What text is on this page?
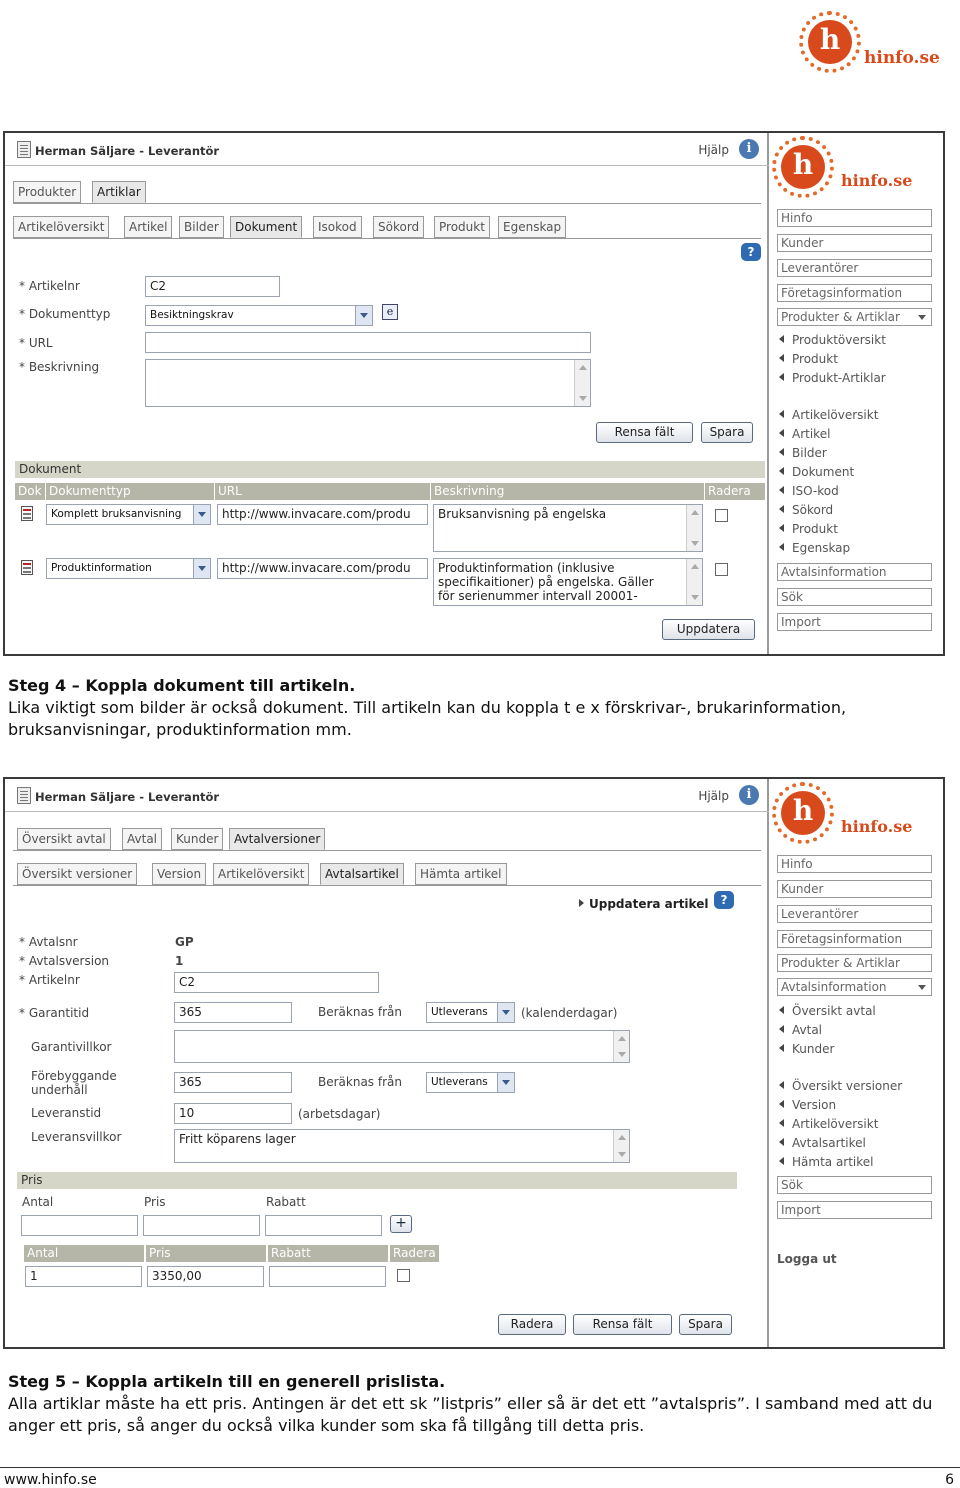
h
hinfo.se
Herman Säljare - Leverantör	Hjälp	i
Produkter	Artiklar
Artikelöversikt	Artikel	Bilder	Dokument	Isokod	Sökord	Produkt	Egenskap
?
* Artikelnr	C2
* Dokumenttyp	Besiktningskrav	e
* URL
* Beskrivning
Rensa fält	Spara
Dokument
Dok Dokumenttyp	URL	Beskrivning	Radera
Komplett bruksanvisning	http://www.invacare.com/produ	Bruksanvisning på engelska
Produktinformation	http://www.invacare.com/produ	Produktinformation (inklusive
specifikaitioner) på engelska. Gäller
för serienummer intervall 20001-
Uppdatera
h	hinfo.se
Hinfo
Kunder
Leverantörer
Företagsinformation
Produkter & Artiklar
Produktöversikt
Produkt
Produkt-Artiklar
Artikelöversikt
Artikel
Bilder
Dokument
ISO-kod
Sökord
Produkt
Egenskap
Avtalsinformation
Sök
Import
Steg 4 – Koppla dokument till artikeln.
Lika viktigt som bilder är också dokument. Till artikeln kan du koppla t e x förskrivar-, brukarinformation,
bruksanvisningar, produktinformation mm.
Herman Säljare - Leverantör	Hjälp	i
Översikt avtal	Avtal	Kunder	Avtalversioner
Översikt versioner	Version	Artikelöversikt	Avtalsartikel	Hämta artikel
Uppdatera artikel	?
* Avtalsnr	GP
* Avtalsversion	1
* Artikelnr	C2
* Garantitid	365	Beräknas från	Utleverans	(kalenderdagar)
Garantivillkor
Förebyggande
underhåll
365	Beräknas från	Utleverans
Leveranstid	10	(arbetsdagar)
Leveransvillkor	Fritt köparens lager
Pris
Antal	Pris	Rabatt
+
Antal	Pris	Rabatt	Radera
1	3350,00
Radera	Rensa fält	Spara
h	hinfo.se
Hinfo
Kunder
Leverantörer
Företagsinformation
Produkter & Artiklar
Avtalsinformation
Översikt avtal
Avtal
Kunder
Översikt versioner
Version
Artikelöversikt
Avtalsartikel
Hämta artikel
Sök
Import
Logga ut
Steg 5 – Koppla artikeln till en generell prislista.
Alla artiklar måste ha ett pris. Antingen är det ett sk ”listpris” eller så är det ett ”avtalspris”. I samband med att du
anger ett pris, så anger du också vilka kunder som ska få tillgång till detta pris.
www.hinfo.se	6
